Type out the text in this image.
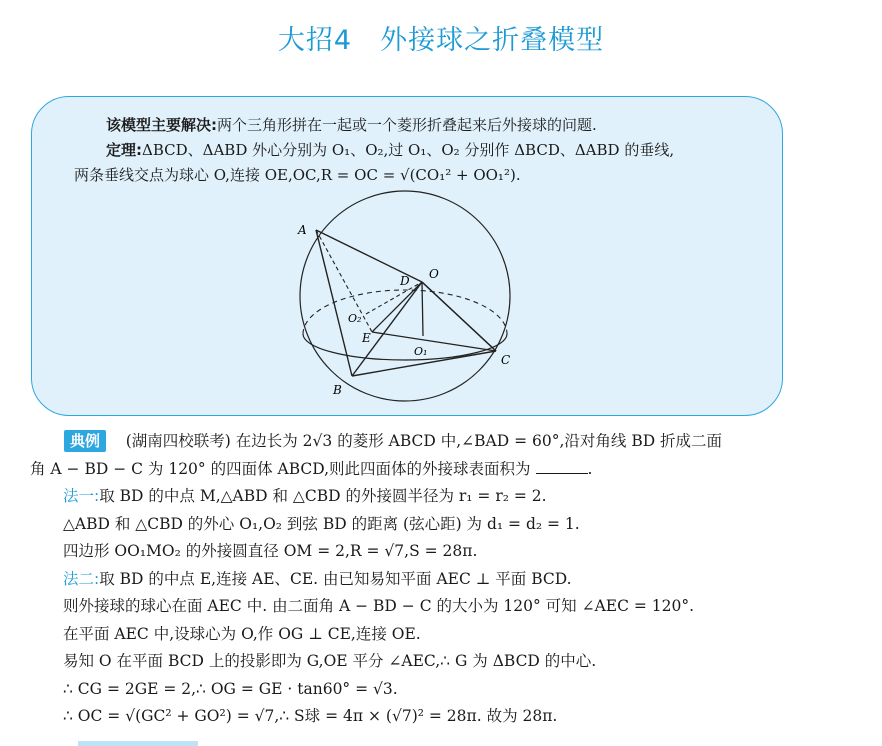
大招4 外接球之折叠模型
该模型主要解决:两个三角形拼在一起或一个菱形折叠起来后外接球的问题.
定理:ΔBCD、ΔABD 外心分别为 O₁、O₂,过 O₁、O₂ 分别作 ΔBCD、ΔABD 的垂线,
两条垂线交点为球心 O,连接 OE,OC,R = OC = √(CO₁² + OO₁²).
A
B
C
D
E
O
O₁
O₂
典例 (湖南四校联考) 在边长为 2√3 的菱形 ABCD 中,∠BAD = 60°,沿对角线 BD 折成二面
角 A − BD − C 为 120° 的四面体 ABCD,则此四面体的外接球表面积为	.
法一:取 BD 的中点 M,△ABD 和 △CBD 的外接圆半径为 r₁ = r₂ = 2.
△ABD 和 △CBD 的外心 O₁,O₂ 到弦 BD 的距离 (弦心距) 为 d₁ = d₂ = 1.
四边形 OO₁MO₂ 的外接圆直径 OM = 2,R = √7,S = 28π.
法二:取 BD 的中点 E,连接 AE、CE. 由已知易知平面 AEC ⊥ 平面 BCD.
则外接球的球心在面 AEC 中. 由二面角 A − BD − C 的大小为 120° 可知 ∠AEC = 120°.
在平面 AEC 中,设球心为 O,作 OG ⊥ CE,连接 OE.
易知 O 在平面 BCD 上的投影即为 G,OE 平分 ∠AEC,∴ G 为 ΔBCD 的中心.
∴ CG = 2GE = 2,∴ OG = GE · tan60° = √3.
∴ OC = √(GC² + GO²) = √7,∴ S球 = 4π × (√7)² = 28π. 故为 28π.
